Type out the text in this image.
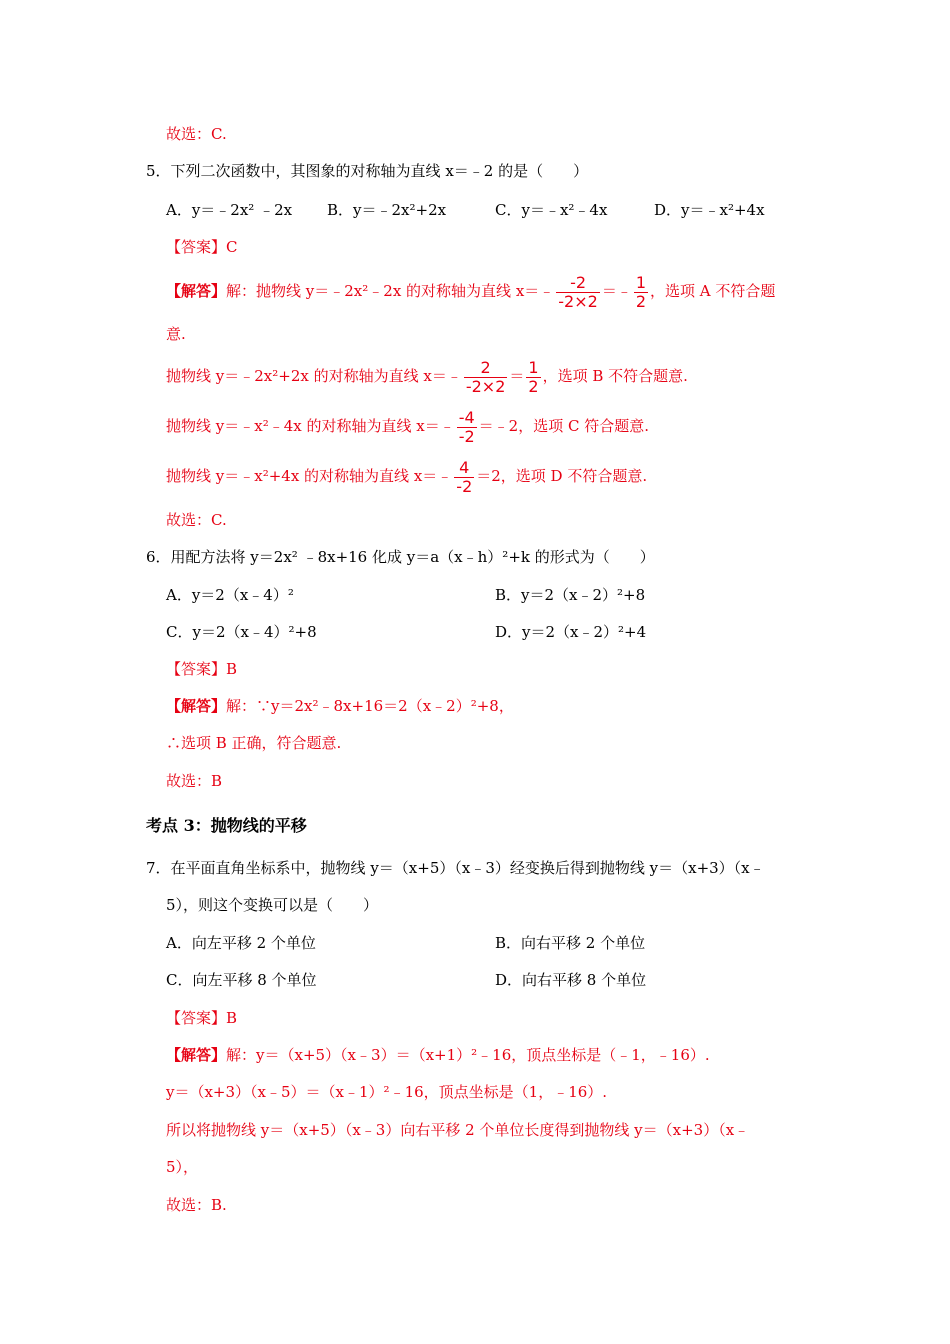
故选：C.
5．下列二次函数中，其图象的对称轴为直线 x＝﹣2 的是（　　）
A．y＝﹣2x² ﹣2x B．y＝﹣2x²+2x	C．y＝﹣x²﹣4x	D．y＝﹣x²+4x
【答案】C
【解答】解：抛物线 y＝﹣2x²﹣2x 的对称轴为直线 x＝﹣ $\frac{-2}{-2\times 2}$ ＝﹣ $\frac{1}{2}$ ，选项 A 不符合题
意.
抛物线 y＝﹣2x²+2x 的对称轴为直线 x＝﹣ $\frac{2}{-2\times 2} = \frac{1}{2}$ ，选项 B 不符合题意.
抛物线 y＝﹣x²﹣4x 的对称轴为直线 x＝﹣ $\frac{-4}{-2}$ ＝﹣2，选项 C 符合题意.
抛物线 y＝﹣x²+4x 的对称轴为直线 x＝﹣ $\frac{4}{-2} =2$，选项 D 不符合题意.
故选：C.
6．用配方法将 y＝2x² ﹣8x+16 化成 y＝a（x﹣h）²+k 的形式为（　　）
A．y＝2（x﹣4）²	B．y＝2（x﹣2）²+8
C．y＝2（x﹣4）²+8	D．y＝2（x﹣2）²+4
【答案】B
【解答】解：∵y＝2x²﹣8x+16＝2（x﹣2）²+8，
∴选项 B 正确，符合题意.
故选：B
考点 3：抛物线的平移
7．在平面直角坐标系中，抛物线 y＝（x+5）（x﹣3）经变换后得到抛物线 y＝（x+3）（x﹣
5），则这个变换可以是（　　）
A．向左平移 2 个单位	B．向右平移 2 个单位
C．向左平移 8 个单位	D．向右平移 8 个单位
【答案】B
【解答】解：y＝（x+5）（x﹣3）＝（x+1）²﹣16，顶点坐标是（﹣1，﹣16）.
y＝（x+3）（x﹣5）＝（x﹣1）²﹣16，顶点坐标是（1，﹣16）.
所以将抛物线 y＝（x+5）（x﹣3）向右平移 2 个单位长度得到抛物线 y＝（x+3）（x﹣
5），
故选：B.
